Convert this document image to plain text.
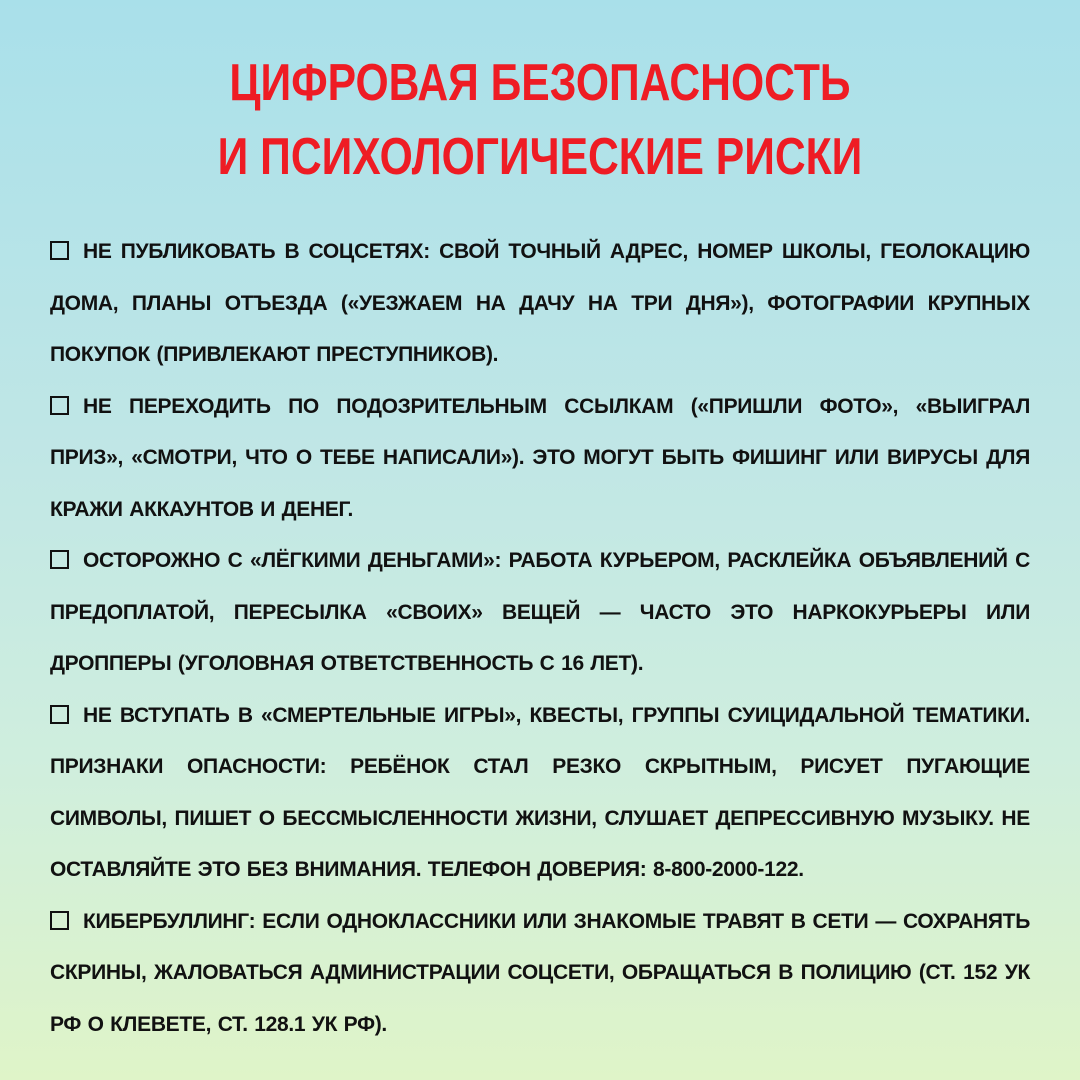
ЦИФРОВАЯ БЕЗОПАСНОСТЬ
И ПСИХОЛОГИЧЕСКИЕ РИСКИ
НЕ ПУБЛИКОВАТЬ В СОЦСЕТЯХ: СВОЙ ТОЧНЫЙ АДРЕС, НОМЕР ШКОЛЫ, ГЕОЛОКАЦИЮ ДОМА, ПЛАНЫ ОТЪЕЗДА («УЕЗЖАЕМ НА ДАЧУ НА ТРИ ДНЯ»), ФОТОГРАФИИ КРУПНЫХ ПОКУПОК (ПРИВЛЕКАЮТ ПРЕСТУПНИКОВ).
НЕ ПЕРЕХОДИТЬ ПО ПОДОЗРИТЕЛЬНЫМ ССЫЛКАМ («ПРИШЛИ ФОТО», «ВЫИГРАЛ ПРИЗ», «СМОТРИ, ЧТО О ТЕБЕ НАПИСАЛИ»). ЭТО МОГУТ БЫТЬ ФИШИНГ ИЛИ ВИРУСЫ ДЛЯ КРАЖИ АККАУНТОВ И ДЕНЕГ.
ОСТОРОЖНО С «ЛЁГКИМИ ДЕНЬГАМИ»: РАБОТА КУРЬЕРОМ, РАСКЛЕЙКА ОБЪЯВЛЕНИЙ С ПРЕДОПЛАТОЙ, ПЕРЕСЫЛКА «СВОИХ» ВЕЩЕЙ — ЧАСТО ЭТО НАРКОКУРЬЕРЫ ИЛИ ДРОППЕРЫ (УГОЛОВНАЯ ОТВЕТСТВЕННОСТЬ С 16 ЛЕТ).
НЕ ВСТУПАТЬ В «СМЕРТЕЛЬНЫЕ ИГРЫ», КВЕСТЫ, ГРУППЫ СУИЦИДАЛЬНОЙ ТЕМАТИКИ. ПРИЗНАКИ ОПАСНОСТИ: РЕБЁНОК СТАЛ РЕЗКО СКРЫТНЫМ, РИСУЕТ ПУГАЮЩИЕ СИМВОЛЫ, ПИШЕТ О БЕССМЫСЛЕННОСТИ ЖИЗНИ, СЛУШАЕТ ДЕПРЕССИВНУЮ МУЗЫКУ. НЕ ОСТАВЛЯЙТЕ ЭТО БЕЗ ВНИМАНИЯ. ТЕЛЕФОН ДОВЕРИЯ: 8-800-2000-122.
КИБЕРБУЛЛИНГ: ЕСЛИ ОДНОКЛАССНИКИ ИЛИ ЗНАКОМЫЕ ТРАВЯТ В СЕТИ — СОХРАНЯТЬ СКРИНЫ, ЖАЛОВАТЬСЯ АДМИНИСТРАЦИИ СОЦСЕТИ, ОБРАЩАТЬСЯ В ПОЛИЦИЮ (СТ. 152 УК РФ О КЛЕВЕТЕ, СТ. 128.1 УК РФ).
